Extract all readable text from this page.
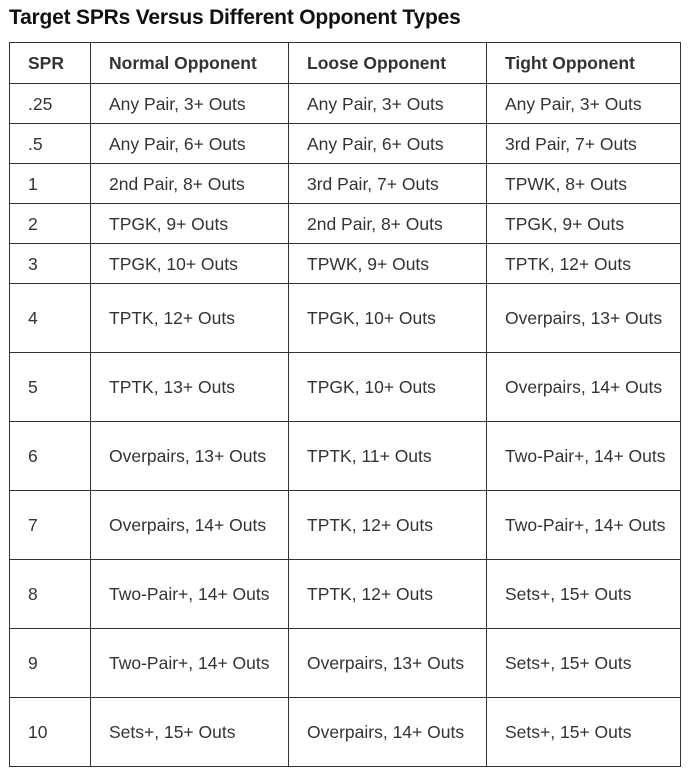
Target SPRs Versus Different Opponent Types
SPR	Normal Opponent	Loose Opponent	Tight Opponent
.25	Any Pair, 3+ Outs	Any Pair, 3+ Outs	Any Pair, 3+ Outs
.5	Any Pair, 6+ Outs	Any Pair, 6+ Outs	3rd Pair, 7+ Outs
1	2nd Pair, 8+ Outs	3rd Pair, 7+ Outs	TPWK, 8+ Outs
2	TPGK, 9+ Outs	2nd Pair, 8+ Outs	TPGK, 9+ Outs
3	TPGK, 10+ Outs	TPWK, 9+ Outs	TPTK, 12+ Outs
4	TPTK, 12+ Outs	TPGK, 10+ Outs	Overpairs, 13+ Outs
5	TPTK, 13+ Outs	TPGK, 10+ Outs	Overpairs, 14+ Outs
6	Overpairs, 13+ Outs	TPTK, 11+ Outs	Two-Pair+, 14+ Outs
7	Overpairs, 14+ Outs	TPTK, 12+ Outs	Two-Pair+, 14+ Outs
8	Two-Pair+, 14+ Outs	TPTK, 12+ Outs	Sets+, 15+ Outs
9	Two-Pair+, 14+ Outs	Overpairs, 13+ Outs	Sets+, 15+ Outs
10	Sets+, 15+ Outs	Overpairs, 14+ Outs	Sets+, 15+ Outs
